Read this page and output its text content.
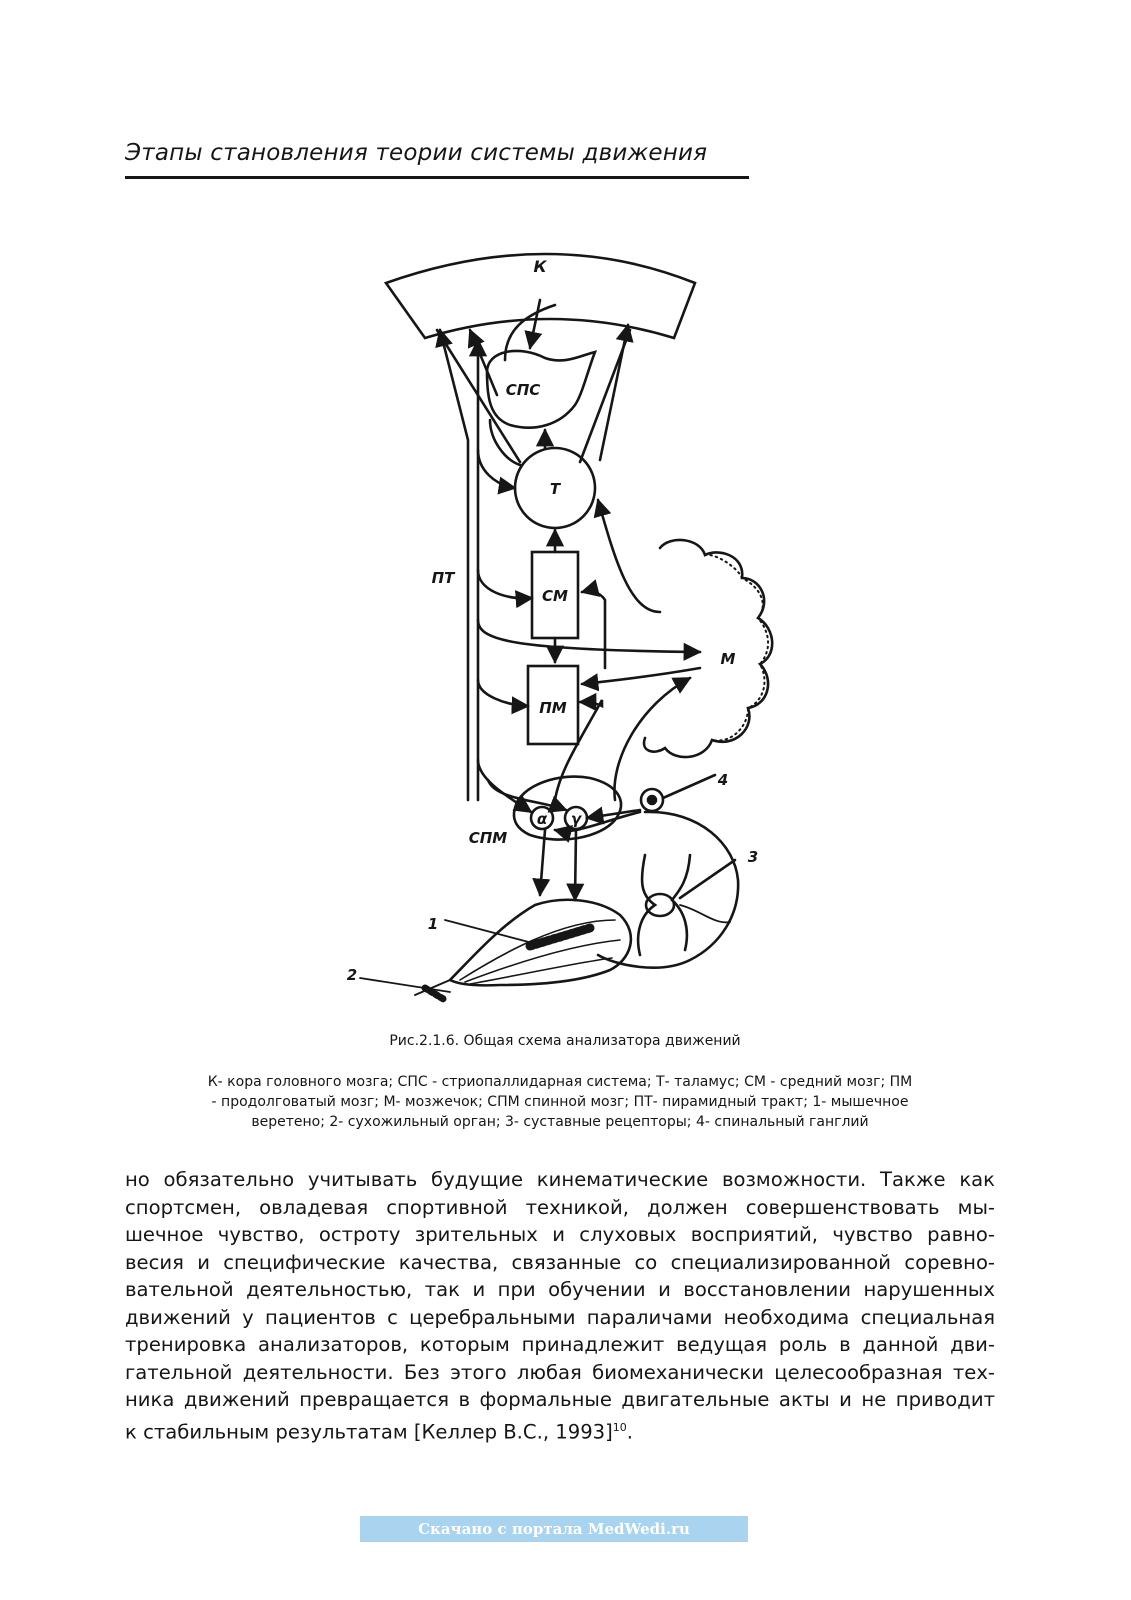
Этапы становления теории системы движения
К
СПС
Т
ПТ
СМ
М
ПМ
СПМ
α γ
1
2
3
4
Рис.2.1.6. Общая схема анализатора движений
К- кора головного мозга; СПС - стриопаллидарная система; Т- таламус; СМ - средний мозг; ПМ
- продолговатый мозг; М- мозжечок; СПМ спинной мозг; ПТ- пирамидный тракт; 1- мышечное
веретено; 2- сухожильный орган; 3- суставные рецепторы; 4- спинальный ганглий
но обязательно учитывать будущие кинематические возможности. Также как
спортсмен, овладевая спортивной техникой, должен совершенствовать мы-
шечное чувство, остроту зрительных и слуховых восприятий, чувство равно-
весия и специфические качества, связанные со специализированной соревно-
вательной деятельностью, так и при обучении и восстановлении нарушенных
движений у пациентов с церебральными параличами необходима специальная
тренировка анализаторов, которым принадлежит ведущая роль в данной дви-
гательной деятельности. Без этого любая биомеханически целесообразная тех-
ника движений превращается в формальные двигательные акты и не приводит
к стабильным результатам [Келлер В.С., 1993]$^{10}$.
Скачано с портала MedWedi.ru
